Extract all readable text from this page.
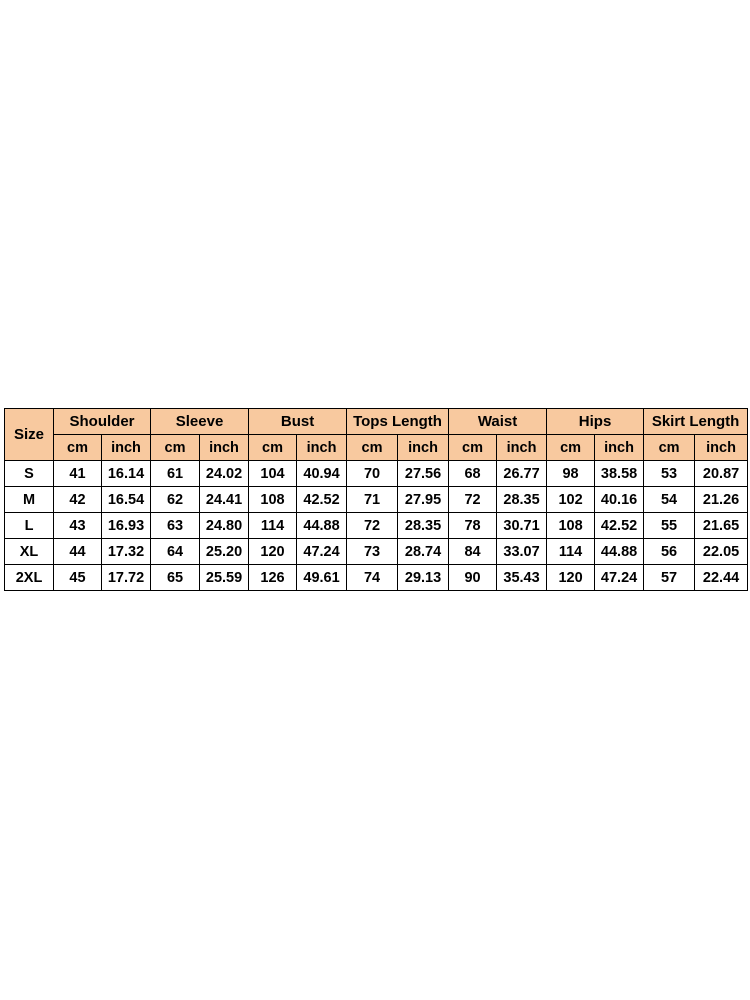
Size	Shoulder		Sleeve		Bust		Tops Length		Waist		Hips		Skirt Length	
	cm	inch	cm	inch	cm	inch	cm	inch	cm	inch	cm	inch	cm	inch
S	41	16.14	61	24.02	104	40.94	70	27.56	68	26.77	98	38.58	53	20.87
M	42	16.54	62	24.41	108	42.52	71	27.95	72	28.35	102	40.16	54	21.26
L	43	16.93	63	24.80	114	44.88	72	28.35	78	30.71	108	42.52	55	21.65
XL	44	17.32	64	25.20	120	47.24	73	28.74	84	33.07	114	44.88	56	22.05
2XL	45	17.72	65	25.59	126	49.61	74	29.13	90	35.43	120	47.24	57	22.44
